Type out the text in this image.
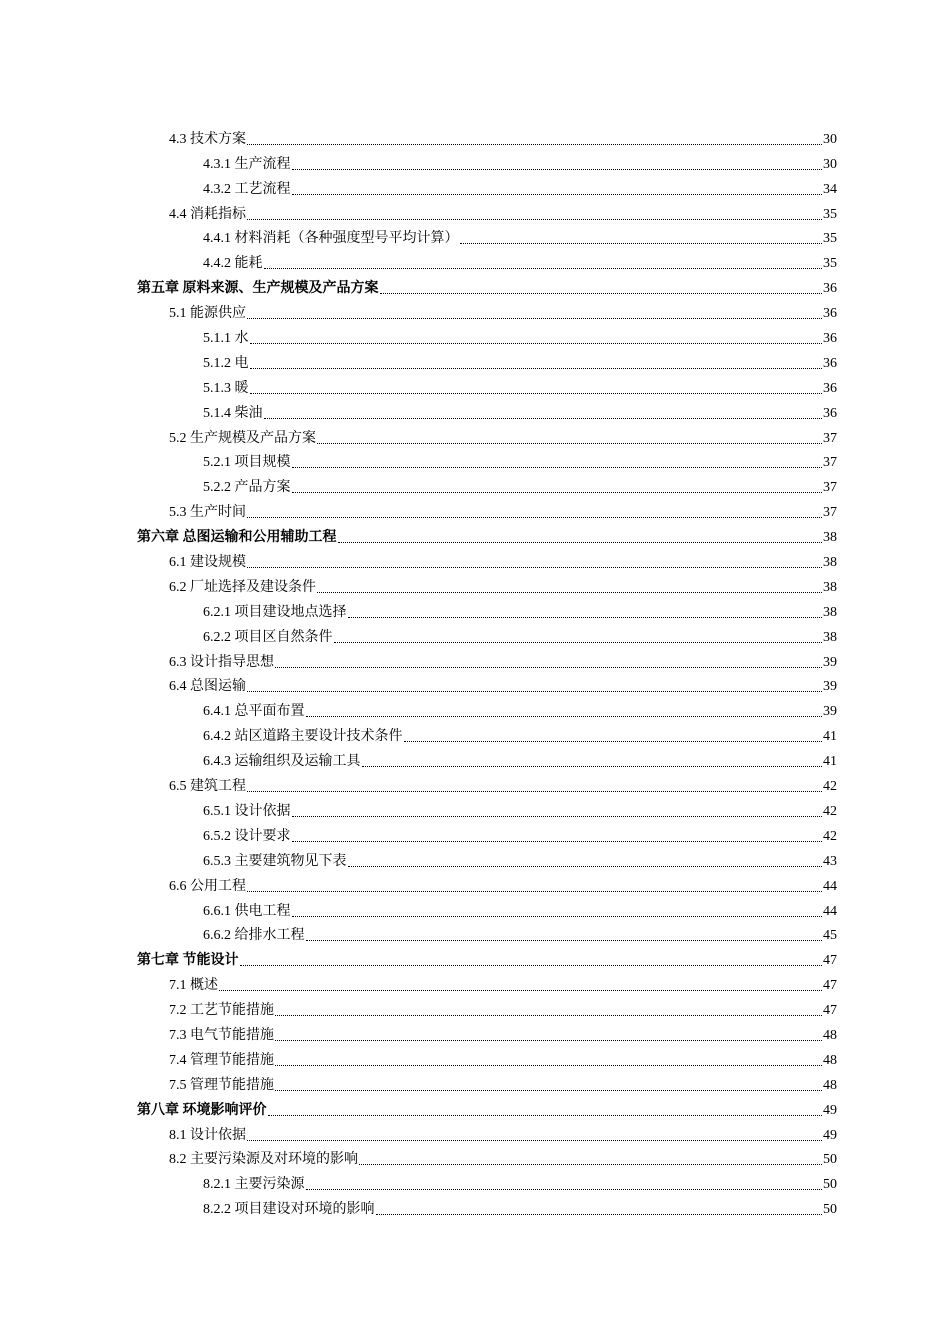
4.3 技术方案	30
4.3.1 生产流程	30
4.3.2 工艺流程	34
4.4 消耗指标	35
4.4.1 材料消耗（各种强度型号平均计算）	35
4.4.2 能耗	35
第五章 原料来源、生产规模及产品方案	36
5.1 能源供应	36
5.1.1 水	36
5.1.2 电	36
5.1.3 暖	36
5.1.4 柴油	36
5.2 生产规模及产品方案	37
5.2.1 项目规模	37
5.2.2 产品方案	37
5.3 生产时间	37
第六章 总图运输和公用辅助工程	38
6.1 建设规模	38
6.2 厂址选择及建设条件	38
6.2.1 项目建设地点选择	38
6.2.2 项目区自然条件	38
6.3 设计指导思想	39
6.4 总图运输	39
6.4.1 总平面布置	39
6.4.2 站区道路主要设计技术条件	41
6.4.3 运输组织及运输工具	41
6.5 建筑工程	42
6.5.1 设计依据	42
6.5.2 设计要求	42
6.5.3 主要建筑物见下表	43
6.6 公用工程	44
6.6.1 供电工程	44
6.6.2 给排水工程	45
第七章 节能设计	47
7.1 概述	47
7.2 工艺节能措施	47
7.3 电气节能措施	48
7.4 管理节能措施	48
7.5 管理节能措施	48
第八章 环境影响评价	49
8.1 设计依据	49
8.2 主要污染源及对环境的影响	50
8.2.1 主要污染源	50
8.2.2 项目建设对环境的影响	50
